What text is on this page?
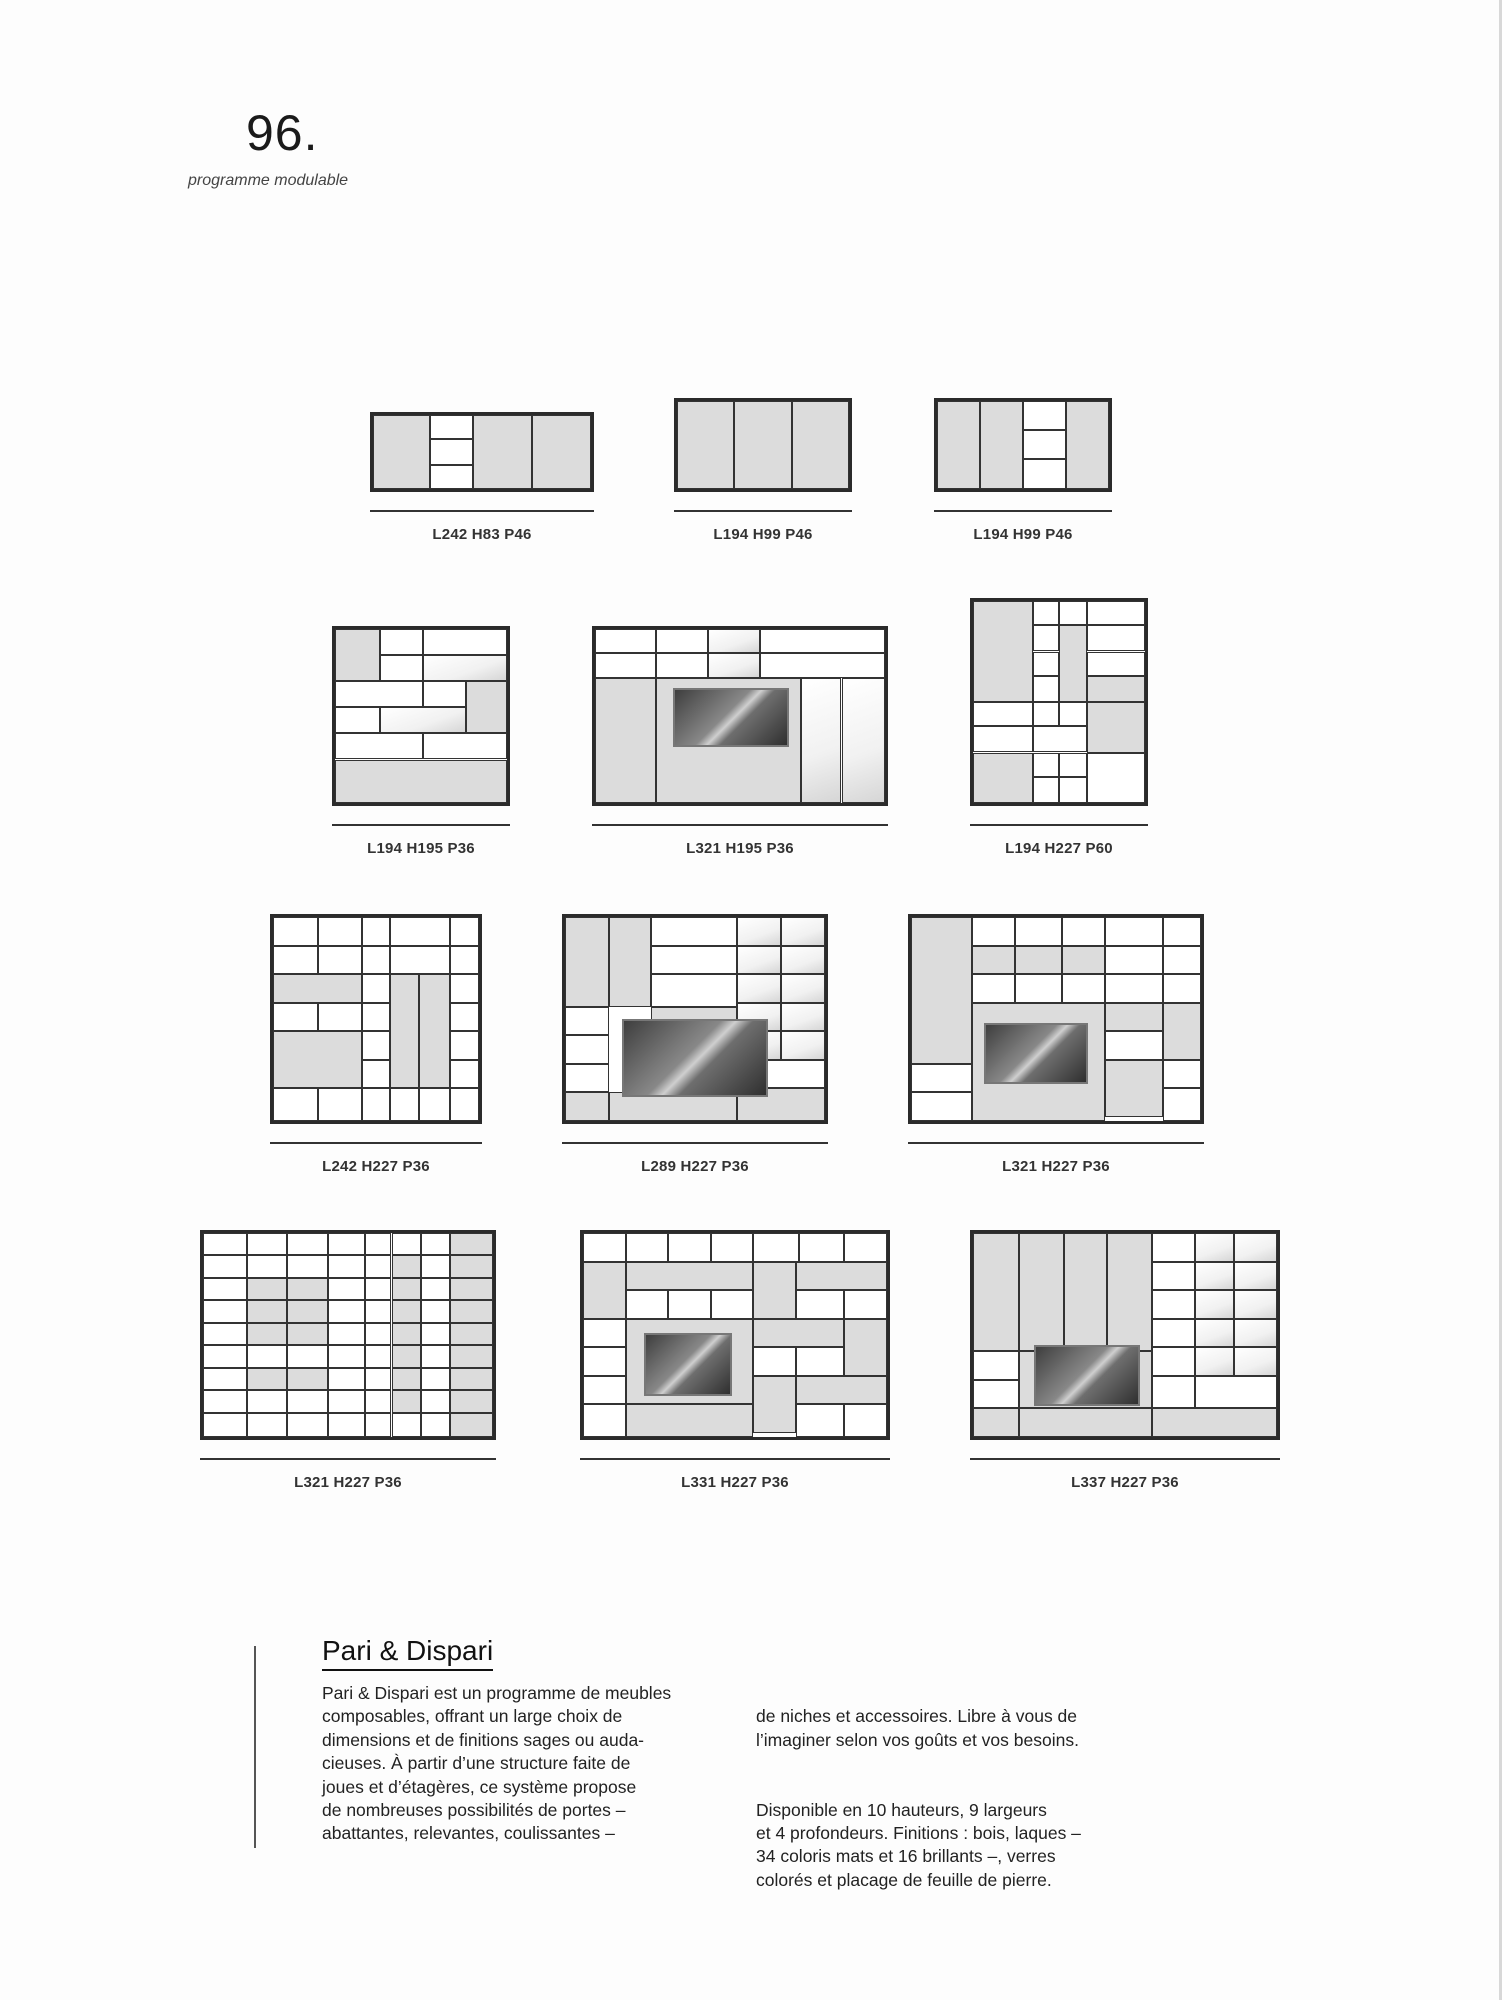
96.
programme modulable
L242 H83 P46	L194 H99 P46	L194 H99 P46
L194 H195 P36	L321 H195 P36	L194 H227 P60
L242 H227 P36	L289 H227 P36	L321 H227 P36
L321 H227 P36	L331 H227 P36	L337 H227 P36
Pari & Dispari
Pari & Dispari est un programme de meubles
composables, offrant un large choix de
dimensions et de finitions sages ou auda-
cieuses. À partir d’une structure faite de
joues et d’étagères, ce système propose
de nombreuses possibilités de portes –
abattantes, relevantes, coulissantes –

de niches et accessoires. Libre à vous de
l’imaginer selon vos goûts et vos besoins.

Disponible en 10 hauteurs, 9 largeurs
et 4 profondeurs. Finitions : bois, laques –
34 coloris mats et 16 brillants –, verres
colorés et placage de feuille de pierre.
